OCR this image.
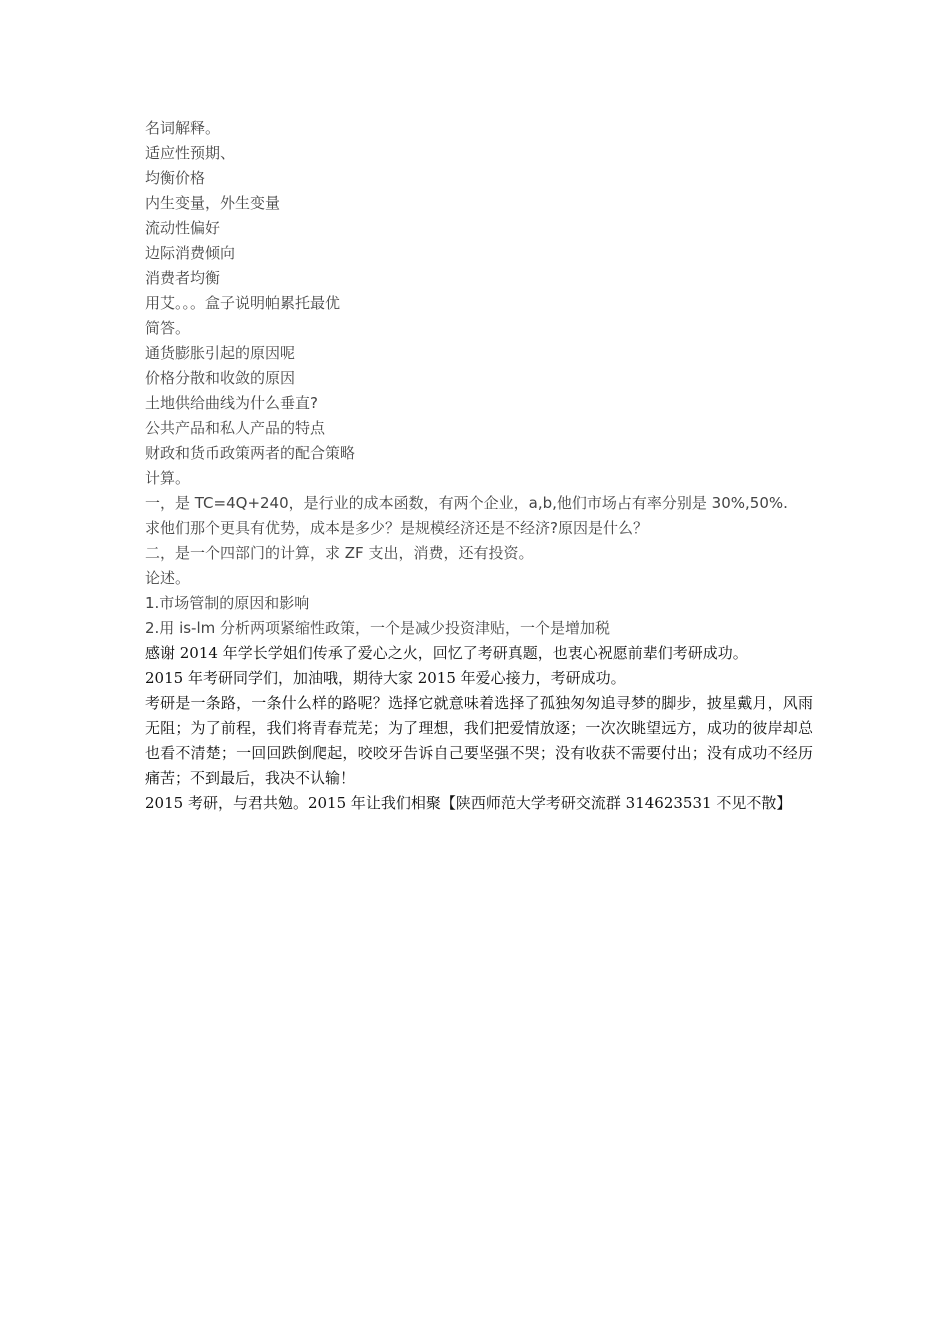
名词解释。
适应性预期、
均衡价格
内生变量，外生变量
流动性偏好
边际消费倾向
消费者均衡
用艾。。。盒子说明帕累托最优
简答。
通货膨胀引起的原因呢
价格分散和收敛的原因
土地供给曲线为什么垂直?
公共产品和私人产品的特点
财政和货币政策两者的配合策略
计算。
一，是 TC=4Q+240，是行业的成本函数，有两个企业，a,b,他们市场占有率分别是 30%,50%.
求他们那个更具有优势，成本是多少？是规模经济还是不经济?原因是什么？
二，是一个四部门的计算，求 ZF 支出，消费，还有投资。
论述。
1.市场管制的原因和影响
2.用 is-lm 分析两项紧缩性政策，一个是减少投资津贴，一个是增加税
感谢 2014 年学长学姐们传承了爱心之火，回忆了考研真题，也衷心祝愿前辈们考研成功。
2015 年考研同学们，加油哦，期待大家 2015 年爱心接力，考研成功。
考研是一条路，一条什么样的路呢？选择它就意味着选择了孤独匆匆追寻梦的脚步，披星戴月，风雨无阻；为了前程，我们将青春荒芜；为了理想，我们把爱情放逐；一次次眺望远方，成功的彼岸却总也看不清楚；一回回跌倒爬起，咬咬牙告诉自己要坚强不哭；没有收获不需要付出；没有成功不经历痛苦；不到最后，我决不认输！
2015 考研，与君共勉。2015 年让我们相聚【陕西师范大学考研交流群 314623531 不见不散】
